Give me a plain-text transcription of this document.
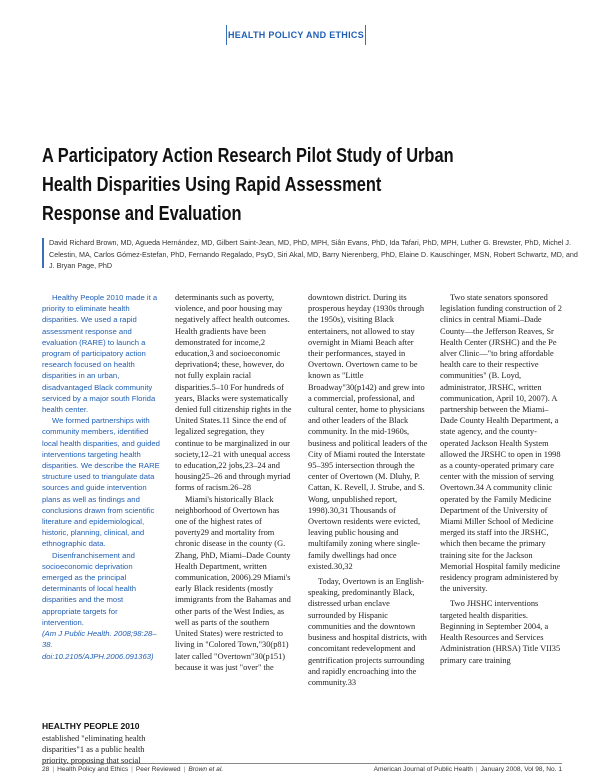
HEALTH POLICY AND ETHICS
A Participatory Action Research Pilot Study of Urban
Health Disparities Using Rapid Assessment
Response and Evaluation
David Richard Brown, MD, Agueda Hernández, MD, Gilbert Saint-Jean, MD, PhD, MPH, Siân Evans, PhD, Ida Tafari, PhD, MPH, Luther G. Brewster, PhD, Michel J. Celestin, MA, Carlos Gómez-Estefan, PhD, Fernando Regalado, PsyD, Siri Akal, MD, Barry Nierenberg, PhD, Elaine D. Kauschinger, MSN, Robert Schwartz, MD, and J. Bryan Page, PhD

Healthy People 2010 made it a priority to eliminate health disparities. We used a rapid assessment response and evaluation (RARE) to launch a program of participatory action research focused on health disparities in an urban, disadvantaged Black community serviced by a major south Florida health center.

We formed partnerships with community members, identified local health disparities, and guided interventions targeting health disparities. We describe the RARE structure used to triangulate data sources and guide intervention plans as well as findings and conclusions drawn from scientific literature and epidemiological, historic, planning, clinical, and ethnographic data.

Disenfranchisement and socioeconomic deprivation emerged as the principal determinants of local health disparities and the most appropriate targets for intervention.

(Am J Public Health. 2008;98:28–38. doi:10.2105/AJPH.2006.091363)

HEALTHY PEOPLE 2010
established "eliminating health disparities"1 as a public health priority, proposing that social

determinants such as poverty, violence, and poor housing may negatively affect health outcomes. Health gradients have been demonstrated for income,2 education,3 and socioeconomic deprivation4; these, however, do not fully explain racial disparities.5–10 For hundreds of years, Blacks were systematically denied full citizenship rights in the United States.11 Since the end of legalized segregation, they continue to be marginalized in our society,12–21 with unequal access to education,22 jobs,23–24 and housing25–26 and through myriad forms of racism.26–28

Miami's historically Black neighborhood of Overtown has one of the highest rates of poverty29 and mortality from chronic disease in the county (G. Zhang, PhD, Miami–Dade County Health Department, written communication, 2006).29 Miami's early Black residents (mostly immigrants from the Bahamas and other parts of the West Indies, as well as parts of the southern United States) were restricted to living in "Colored Town,"30(p81) later called "Overtown"30(p151) because it was just "over" the

downtown district. During its prosperous heyday (1930s through the 1950s), visiting Black entertainers, not allowed to stay overnight in Miami Beach after their performances, stayed in Overtown. Overtown came to be known as "Little Broadway"30(p142) and grew into a commercial, professional, and cultural center, home to physicians and other leaders of the Black community. In the mid-1960s, business and political leaders of the City of Miami routed the Interstate 95–395 intersection through the center of Overtown (M. Dluhy, P. Cattan, K. Revell, J. Strube, and S. Wong, unpublished report, 1998).30,31 Thousands of Overtown residents were evicted, leaving public housing and multifamily zoning where single-family dwellings had once existed.30,32

Today, Overtown is an English-speaking, predominantly Black, distressed urban enclave surrounded by Hispanic communities and the downtown business and hospital districts, with concomitant redevelopment and gentrification projects surrounding and rapidly encroaching into the community.33

Two state senators sponsored legislation funding construction of 2 clinics in central Miami–Dade County—the Jefferson Reaves, Sr Health Center (JRSHC) and the Pe alver Clinic—"to bring affordable health care to their respective communities" (B. Loyd, administrator, JRSHC, written communication, April 10, 2007). A partnership between the Miami–Dade County Health Department, a state agency, and the county-operated Jackson Health System allowed the JRSHC to open in 1998 as a county-operated primary care center with the mission of serving Overtown.34 A community clinic operated by the Family Medicine Department of the University of Miami Miller School of Medicine merged its staff into the JRSHC, which then became the primary training site for the Jackson Memorial Hospital family medicine residency program administered by the university.

Two JHSHC interventions targeted health disparities. Beginning in September 2004, a Health Resources and Services Administration (HRSA) Title VII35 primary care training

28 | Health Policy and Ethics | Peer Reviewed | Brown et al.	American Journal of Public Health | January 2008, Vol 98, No. 1
